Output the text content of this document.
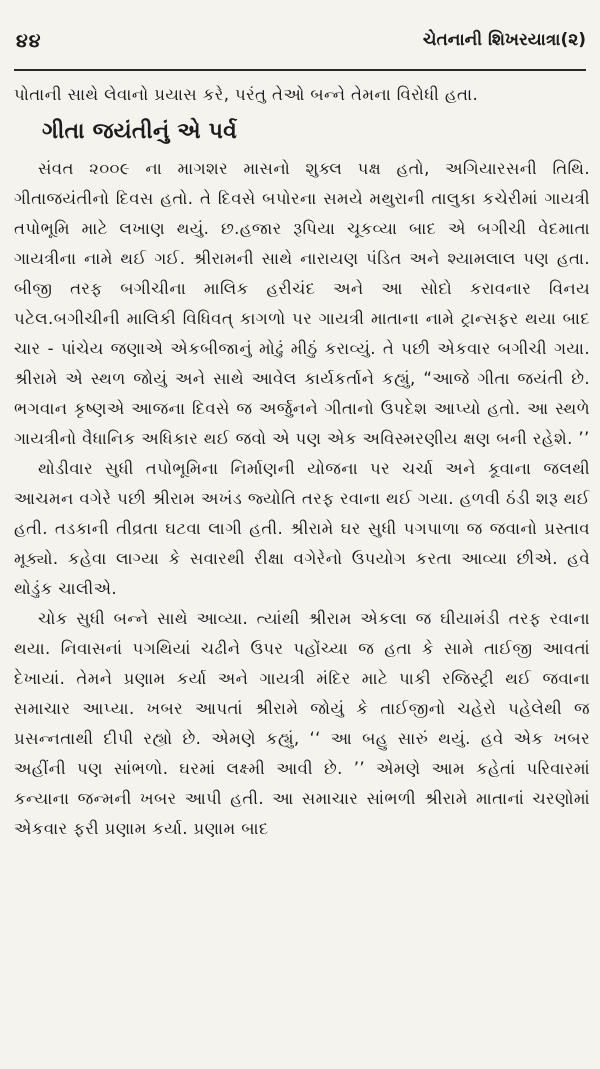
૪૪	ચેતનાની શિખરયાત્રા(૨)

પોતાની સાથે લેવાનો પ્રયાસ કરે, પરંતુ તેઓ બન્ને તેમના વિરોધી હતા.

ગીતા જયંતીનું એ પર્વ

સંવત ૨૦૦૯ ના માગશર માસનો શુક્લ પક્ષ હતો, અગિયારસની તિથિ. ગીતાજયંતીનો દિવસ હતો. તે દિવસે બપોરના સમયે મથુરાની તાલુકા કચેરીમાં ગાયત્રી તપોભૂમિ માટે લખાણ થયું. છ.હજાર રૂપિયા ચૂકવ્યા બાદ એ બગીચી વેદમાતા ગાયત્રીના નામે થઈ ગઈ. શ્રીરામની સાથે નારાયણ પંડિત અને શ્યામલાલ પણ હતા. બીજી તરફ બગીચીના માલિક હરીચંદ અને આ સોદો કરાવનાર વિનય પટેલ.બગીચીની માલિકી વિધિવત્ કાગળો પર ગાયત્રી માતાના નામે ટ્રાન્સફર થયા બાદ ચાર - પાંચેય જણાએ એકબીજાનું મોઢું મીઠું કરાવ્યું. તે પછી એકવાર બગીચી ગયા. શ્રીરામે એ સ્થળ જોયું અને સાથે આવેલ કાર્યકર્તાને કહ્યું, “આજે ગીતા જયંતી છે. ભગવાન કૃષ્ણએ આજના દિવસે જ અર્જુનને ગીતાનો ઉપદેશ આપ્યો હતો. આ સ્થળે ગાયત્રીનો વૈધાનિક અધિકાર થઈ જવો એ પણ એક અવિસ્મરણીય ક્ષણ બની રહેશે. ’’

થોડીવાર સુધી તપોભૂમિના નિર્માણની યોજના પર ચર્ચા અને કૂવાના જલથી આચમન વગેરે પછી શ્રીરામ અખંડ જ્યોતિ તરફ રવાના થઈ ગયા. હળવી ઠંડી શરૂ થઈ હતી. તડકાની તીવ્રતા ઘટવા લાગી હતી. શ્રીરામે ઘર સુધી પગપાળા જ જવાનો પ્રસ્તાવ મૂક્યો. કહેવા લાગ્યા કે સવારથી રીક્ષા વગેરેનો ઉપયોગ કરતા આવ્યા છીએ. હવે થોડુંક ચાલીએ.

ચોક સુધી બન્ને સાથે આવ્યા. ત્યાંથી શ્રીરામ એકલા જ ઘીયામંડી તરફ રવાના થયા. નિવાસનાં પગથિયાં ચઢીને ઉપર પહોંચ્યા જ હતા કે સામે તાઈજી આવતાં દેખાયાં. તેમને પ્રણામ કર્યા અને ગાયત્રી મંદિર માટે પાકી રજિસ્ટ્રી થઈ જવાના સમાચાર આપ્યા. ખબર આપતાં શ્રીરામે જોયું કે તાઈજીનો ચહેરો પહેલેથી જ પ્રસન્નતાથી દીપી રહ્યો છે. એમણે કહ્યું, ‘‘ આ બહુ સારું થયું. હવે એક ખબર અહીંની પણ સાંભળો. ઘરમાં લક્ષ્મી આવી છે. ’’ એમણે આમ કહેતાં પરિવારમાં કન્યાના જન્મની ખબર આપી હતી. આ સમાચાર સાંભળી શ્રીરામે માતાનાં ચરણોમાં એકવાર ફરી પ્રણામ કર્યા. પ્રણામ બાદ
